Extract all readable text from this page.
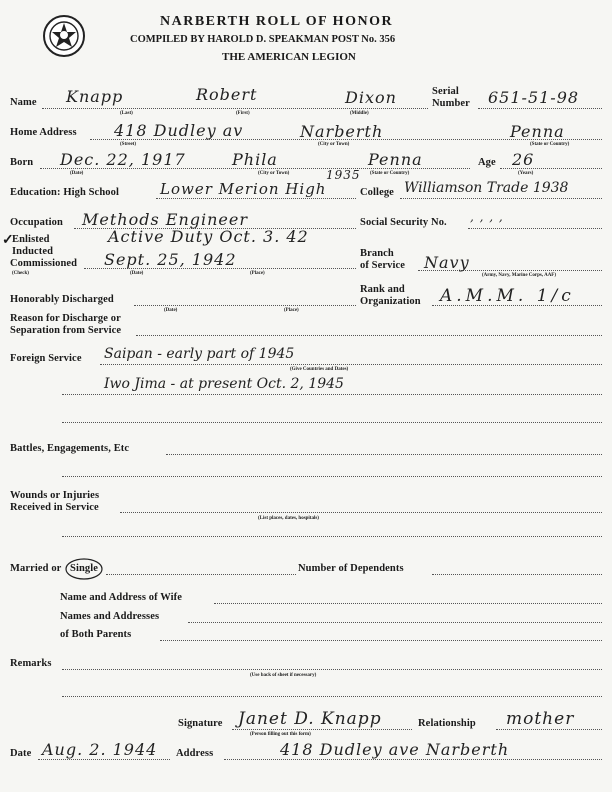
NARBERTH ROLL OF HONOR
COMPILED BY HAROLD D. SPEAKMAN POST No. 356
THE AMERICAN LEGION
Name Knapp	Robert	Dixon
(Last)	(First)	(Middle)
Serial
Number 651-51-98
Home Address 418 Dudley av	Narberth	Penna
(Street)	(City or Town)	(State or Country)
Born Dec. 22, 1917	Phila	Penna
(Date)	(City or Town)	(State or Country)
Age 26
(Years)
Education: High School	Lower Merion High
1935
College Williamson Trade 1938
Occupation Methods Engineer	Social Security No. , , , ,
✓
Enlisted	Active Duty Oct. 3. 42
Inducted
Commissioned Sept. 25, 1942
(Check)	(Date)	(Place)
Branch
of Service Navy
(Army, Navy, Marine Corps, AAF)
Honorably Discharged
(Date)	(Place)
Rank and
Organization A.M.M. 1/c
Reason for Discharge or
Separation from Service
Foreign Service Saipan - early part of 1945
(Give Countries and Dates)
Iwo Jima - at present Oct. 2, 1945
Battles, Engagements, Etc
Wounds or Injuries
Received in Service
(List places, dates, hospitals)
Married or Single	Number of Dependents
Name and Address of Wife
Names and Addresses
of Both Parents
Remarks
(Use back of sheet if necessary)
Signature Janet D. Knapp
(Person filling out this form)
Relationship mother
Date Aug. 2. 1944 Address	418 Dudley ave Narberth
